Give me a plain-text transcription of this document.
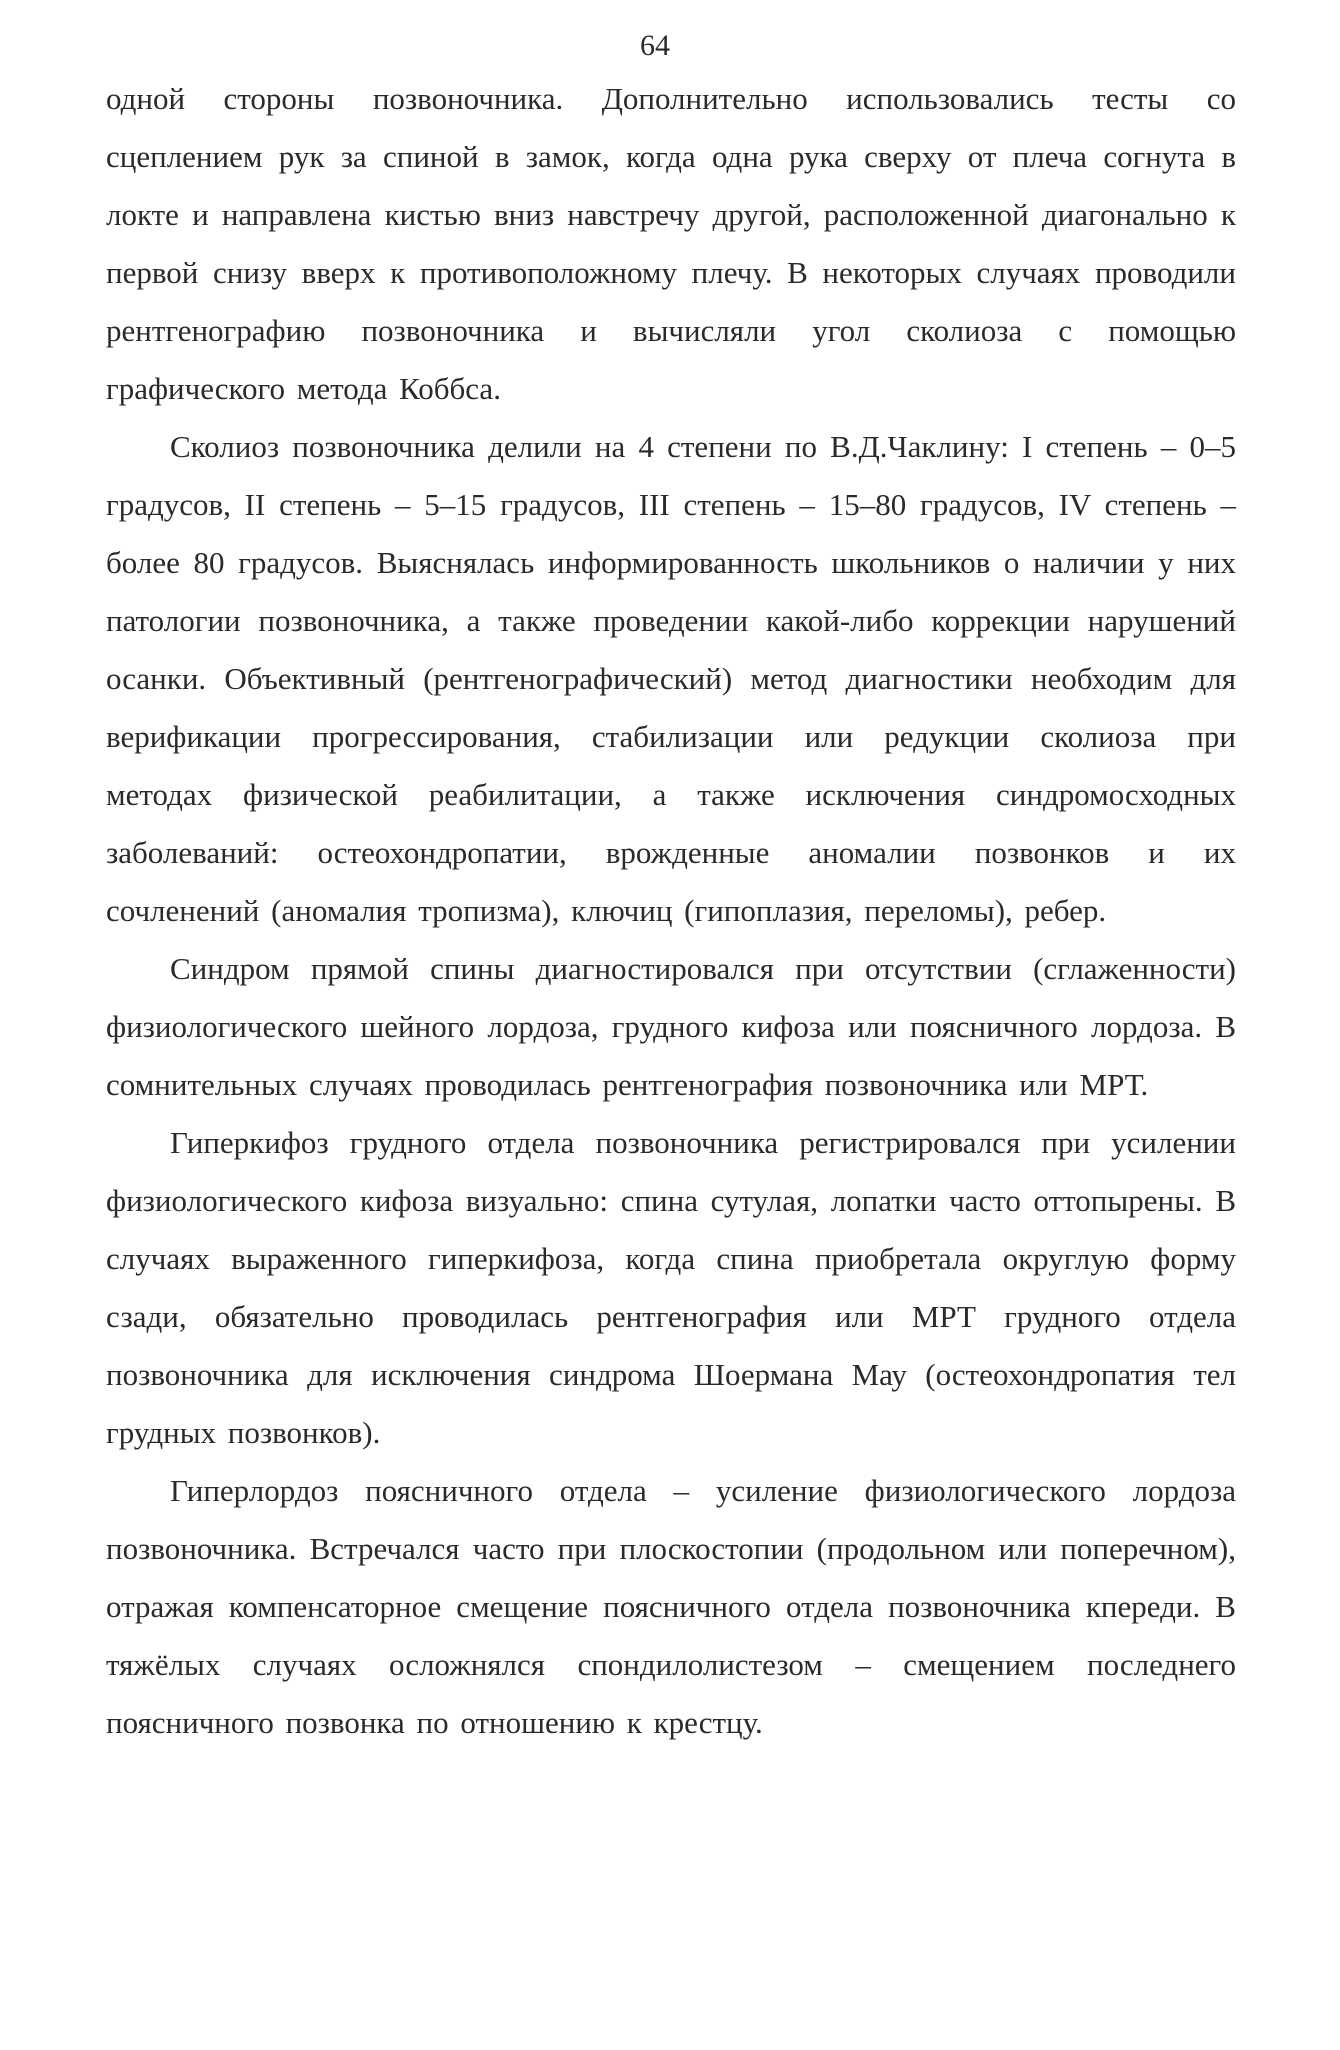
64

одной стороны позвоночника. Дополнительно использовались тесты со сцеплением рук за спиной в замок, когда одна рука сверху от плеча согнута в локте и направлена кистью вниз навстречу другой, расположенной диагонально к первой снизу вверх к противоположному плечу. В некоторых случаях проводили рентгенографию позвоночника и вычисляли угол сколиоза с помощью графического метода Коббса.

Сколиоз позвоночника делили на 4 степени по В.Д.Чаклину: I степень – 0–5 градусов, II степень – 5–15 градусов, III степень – 15–80 градусов, IV степень – более 80 градусов. Выяснялась информированность школьников о наличии у них патологии позвоночника, а также проведении какой-либо коррекции нарушений осанки. Объективный (рентгенографический) метод диагностики необходим для верификации прогрессирования, стабилизации или редукции сколиоза при методах физической реабилитации, а также исключения синдромосходных заболеваний: остеохондропатии, врожденные аномалии позвонков и их сочленений (аномалия тропизма), ключиц (гипоплазия, переломы), ребер.

Синдром прямой спины диагностировался при отсутствии (сглаженности) физиологического шейного лордоза, грудного кифоза или поясничного лордоза. В сомнительных случаях проводилась рентгенография позвоночника или МРТ.

Гиперкифоз грудного отдела позвоночника регистрировался при усилении физиологического кифоза визуально: спина сутулая, лопатки часто оттопырены. В случаях выраженного гиперкифоза, когда спина приобретала округлую форму сзади, обязательно проводилась рентгенография или МРТ грудного отдела позвоночника для исключения синдрома Шоермана Мау (остеохондропатия тел грудных позвонков).

Гиперлордоз поясничного отдела – усиление физиологического лордоза позвоночника. Встречался часто при плоскостопии (продольном или поперечном), отражая компенсаторное смещение поясничного отдела позвоночника кпереди. В тяжёлых случаях осложнялся спондилолистезом – смещением последнего поясничного позвонка по отношению к крестцу.
